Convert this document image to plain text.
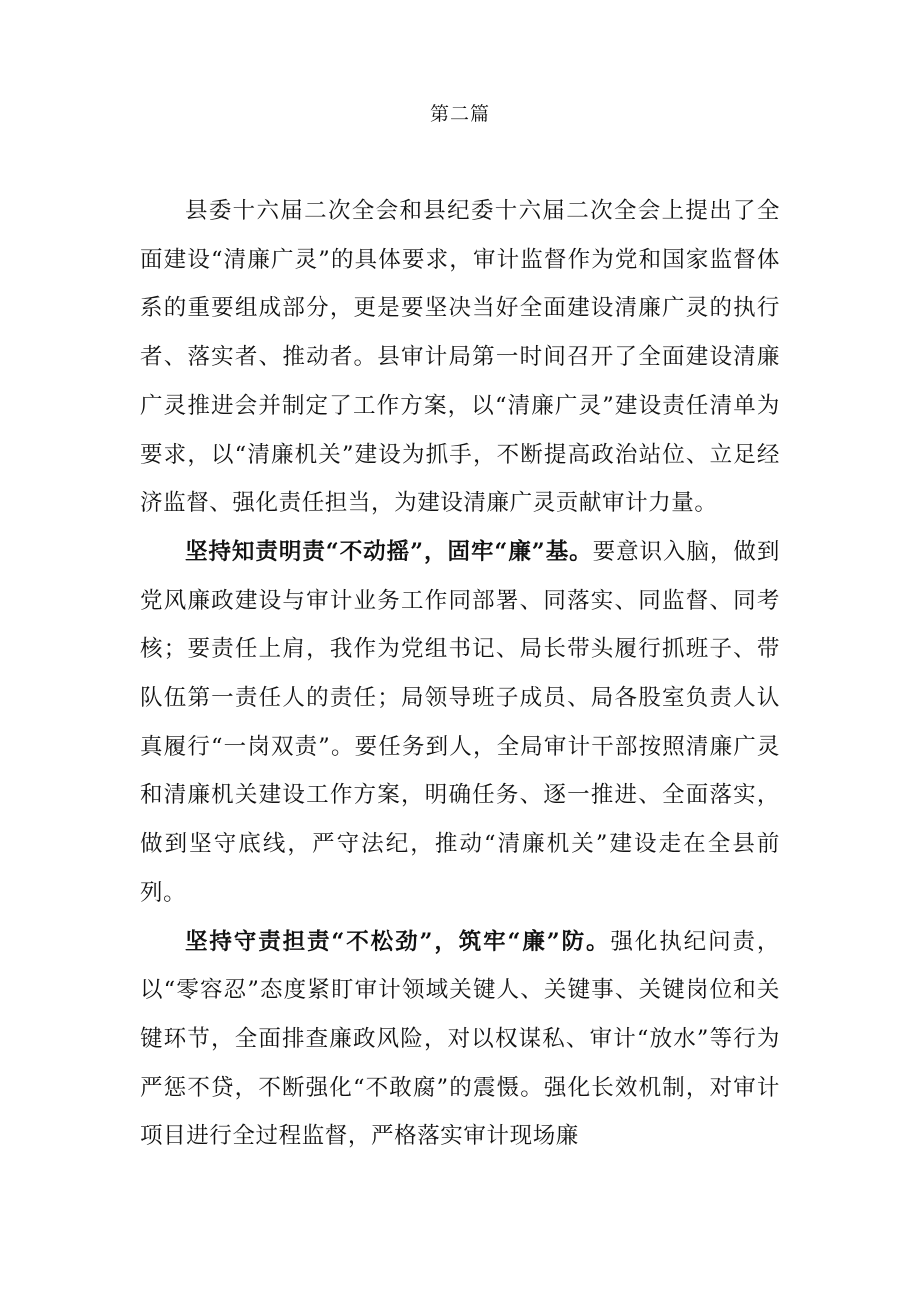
第二篇

县委十六届二次全会和县纪委十六届二次全会上提出了全面建设“清廉广灵”的具体要求，审计监督作为党和国家监督体系的重要组成部分，更是要坚决当好全面建设清廉广灵的执行者、落实者、推动者。县审计局第一时间召开了全面建设清廉广灵推进会并制定了工作方案，以“清廉广灵”建设责任清单为要求，以“清廉机关”建设为抓手，不断提高政治站位、立足经济监督、强化责任担当，为建设清廉广灵贡献审计力量。

坚持知责明责“不动摇”，固牢“廉”基。要意识入脑，做到党风廉政建设与审计业务工作同部署、同落实、同监督、同考核；要责任上肩，我作为党组书记、局长带头履行抓班子、带队伍第一责任人的责任；局领导班子成员、局各股室负责人认真履行“一岗双责”。要任务到人，全局审计干部按照清廉广灵和清廉机关建设工作方案，明确任务、逐一推进、全面落实，做到坚守底线，严守法纪，推动“清廉机关”建设走在全县前列。

坚持守责担责“不松劲”，筑牢“廉”防。强化执纪问责，以“零容忍”态度紧盯审计领域关键人、关键事、关键岗位和关键环节，全面排查廉政风险，对以权谋私、审计“放水”等行为严惩不贷，不断强化“不敢腐”的震慑。强化长效机制，对审计项目进行全过程监督，严格落实审计现场廉
